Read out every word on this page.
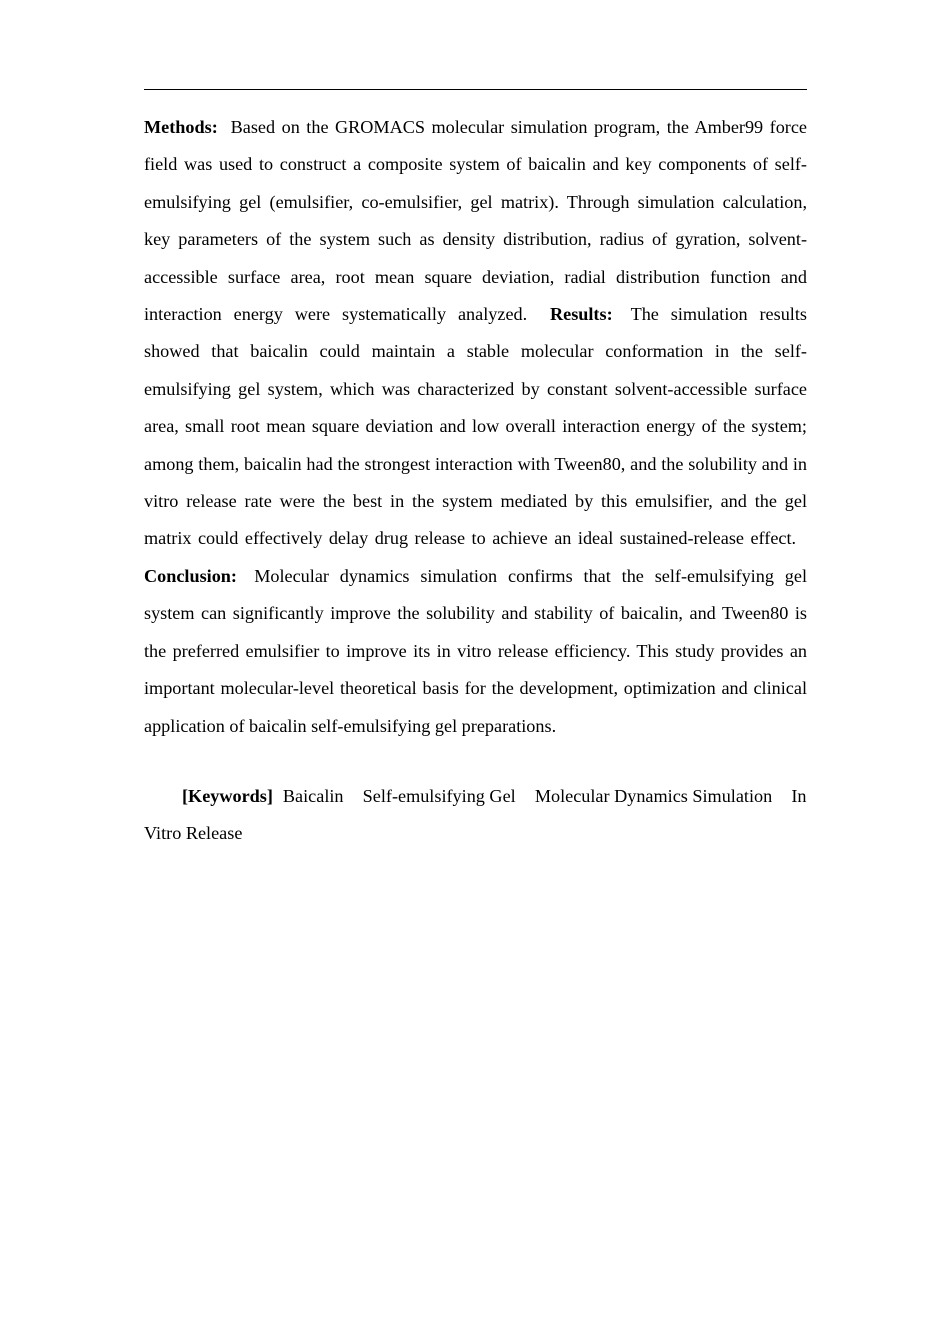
Methods: Based on the GROMACS molecular simulation program, the Amber99 force field was used to construct a composite system of baicalin and key components of self-emulsifying gel (emulsifier, co-emulsifier, gel matrix). Through simulation calculation, key parameters of the system such as density distribution, radius of gyration, solvent-accessible surface area, root mean square deviation, radial distribution function and interaction energy were systematically analyzed. Results: The simulation results showed that baicalin could maintain a stable molecular conformation in the self-emulsifying gel system, which was characterized by constant solvent-accessible surface area, small root mean square deviation and low overall interaction energy of the system; among them, baicalin had the strongest interaction with Tween80, and the solubility and in vitro release rate were the best in the system mediated by this emulsifier, and the gel matrix could effectively delay drug release to achieve an ideal sustained-release effect. Conclusion: Molecular dynamics simulation confirms that the self-emulsifying gel system can significantly improve the solubility and stability of baicalin, and Tween80 is the preferred emulsifier to improve its in vitro release efficiency. This study provides an important molecular-level theoretical basis for the development, optimization and clinical application of baicalin self-emulsifying gel preparations.

[Keywords] Baicalin Self-emulsifying Gel Molecular Dynamics Simulation In Vitro Release
